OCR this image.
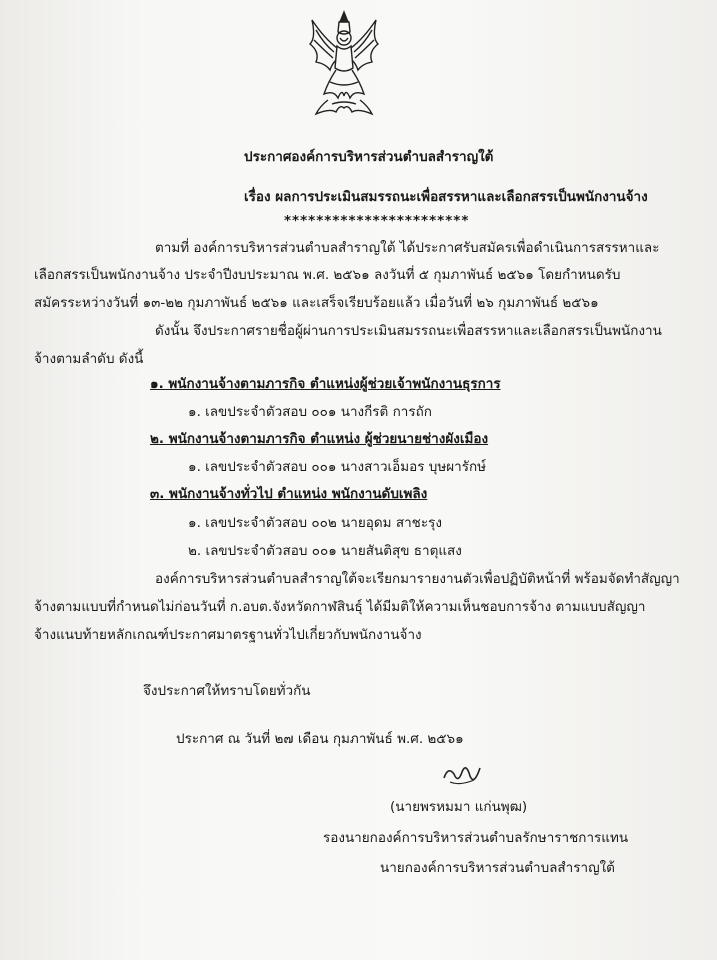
ประกาศองค์การบริหารส่วนตำบลสำราญใต้
เรื่อง ผลการประเมินสมรรถนะเพื่อสรรหาและเลือกสรรเป็นพนักงานจ้าง
***********************
ตามที่ องค์การบริหารส่วนตำบลสำราญใต้ ได้ประกาศรับสมัครเพื่อดำเนินการสรรหาและ
เลือกสรรเป็นพนักงานจ้าง ประจำปีงบประมาณ พ.ศ. ๒๕๖๑ ลงวันที่ ๕ กุมภาพันธ์ ๒๕๖๑ โดยกำหนดรับ
สมัครระหว่างวันที่ ๑๓-๒๒ กุมภาพันธ์ ๒๕๖๑ และเสร็จเรียบร้อยแล้ว เมื่อวันที่ ๒๖ กุมภาพันธ์ ๒๕๖๑
ดังนั้น จึงประกาศรายชื่อผู้ผ่านการประเมินสมรรถนะเพื่อสรรหาและเลือกสรรเป็นพนักงาน
จ้างตามลำดับ ดังนี้
๑. พนักงานจ้างตามภารกิจ ตำแหน่งผู้ช่วยเจ้าพนักงานธุรการ
๑. เลขประจำตัวสอบ ๐๐๑ นางกีรติ การถัก
๒. พนักงานจ้างตามภารกิจ ตำแหน่ง ผู้ช่วยนายช่างผังเมือง
๑. เลขประจำตัวสอบ ๐๐๑ นางสาวเอ็มอร บุษผารักษ์
๓. พนักงานจ้างทั่วไป ตำแหน่ง พนักงานดับเพลิง
๑. เลขประจำตัวสอบ ๐๐๒ นายอุดม สาชะรุง
๒. เลขประจำตัวสอบ ๐๐๑ นายสันติสุข ธาตุแสง
องค์การบริหารส่วนตำบลสำราญใต้จะเรียกมารายงานตัวเพื่อปฏิบัติหน้าที่ พร้อมจัดทำสัญญา
จ้างตามแบบที่กำหนดไม่ก่อนวันที่ ก.อบต.จังหวัดกาฬสินธุ์ ได้มีมติให้ความเห็นชอบการจ้าง ตามแบบสัญญา
จ้างแนบท้ายหลักเกณฑ์ประกาศมาตรฐานทั่วไปเกี่ยวกับพนักงานจ้าง
จึงประกาศให้ทราบโดยทั่วกัน
ประกาศ ณ วันที่ ๒๗ เดือน กุมภาพันธ์ พ.ศ. ๒๕๖๑
(นายพรหมมา แก่นพุฒ)
รองนายกองค์การบริหารส่วนตำบลรักษาราชการแทน
นายกองค์การบริหารส่วนตำบลสำราญใต้
